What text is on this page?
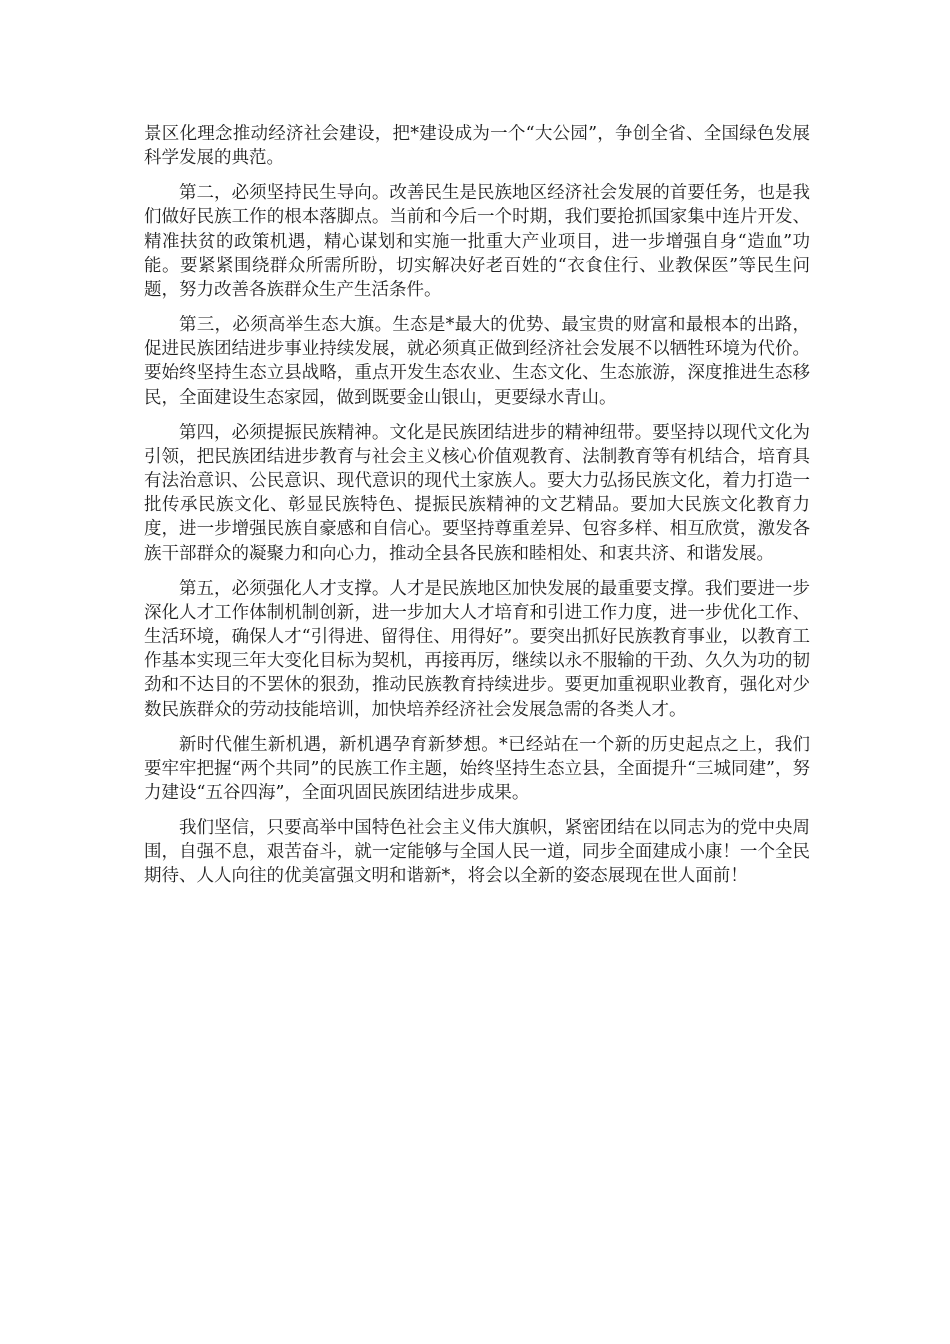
景区化理念推动经济社会建设，把*建设成为一个“大公园”，争创全省、全国绿色发展科学发展的典范。

第二，必须坚持民生导向。改善民生是民族地区经济社会发展的首要任务，也是我们做好民族工作的根本落脚点。当前和今后一个时期，我们要抢抓国家集中连片开发、精准扶贫的政策机遇，精心谋划和实施一批重大产业项目，进一步增强自身“造血”功能。要紧紧围绕群众所需所盼，切实解决好老百姓的“衣食住行、业教保医”等民生问题，努力改善各族群众生产生活条件。

第三，必须高举生态大旗。生态是*最大的优势、最宝贵的财富和最根本的出路，促进民族团结进步事业持续发展，就必须真正做到经济社会发展不以牺牲环境为代价。要始终坚持生态立县战略，重点开发生态农业、生态文化、生态旅游，深度推进生态移民，全面建设生态家园，做到既要金山银山，更要绿水青山。

第四，必须提振民族精神。文化是民族团结进步的精神纽带。要坚持以现代文化为引领，把民族团结进步教育与社会主义核心价值观教育、法制教育等有机结合，培育具有法治意识、公民意识、现代意识的现代土家族人。要大力弘扬民族文化，着力打造一批传承民族文化、彰显民族特色、提振民族精神的文艺精品。要加大民族文化教育力度，进一步增强民族自豪感和自信心。要坚持尊重差异、包容多样、相互欣赏，激发各族干部群众的凝聚力和向心力，推动全县各民族和睦相处、和衷共济、和谐发展。

第五，必须强化人才支撑。人才是民族地区加快发展的最重要支撑。我们要进一步深化人才工作体制机制创新，进一步加大人才培育和引进工作力度，进一步优化工作、生活环境，确保人才“引得进、留得住、用得好”。要突出抓好民族教育事业，以教育工作基本实现三年大变化目标为契机，再接再厉，继续以永不服输的干劲、久久为功的韧劲和不达目的不罢休的狠劲，推动民族教育持续进步。要更加重视职业教育，强化对少数民族群众的劳动技能培训，加快培养经济社会发展急需的各类人才。

新时代催生新机遇，新机遇孕育新梦想。*已经站在一个新的历史起点之上，我们要牢牢把握“两个共同”的民族工作主题，始终坚持生态立县，全面提升“三城同建”，努力建设“五谷四海”，全面巩固民族团结进步成果。

我们坚信，只要高举中国特色社会主义伟大旗帜，紧密团结在以同志为的党中央周围，自强不息，艰苦奋斗，就一定能够与全国人民一道，同步全面建成小康！一个全民期待、人人向往的优美富强文明和谐新*，将会以全新的姿态展现在世人面前！
